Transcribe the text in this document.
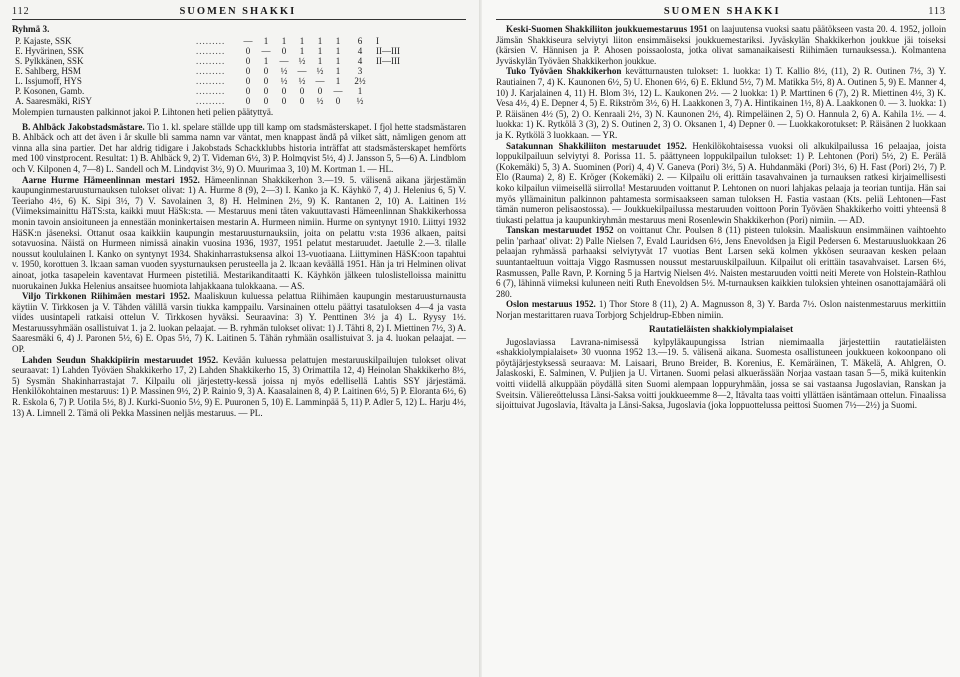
112	SUOMEN SHAKKI
Ryhmä 3.
P. Kajaste, SSK	.........	—	1	1	1	1	1	6	I
E. Hyvärinen, SSK	.........	0	—	0	1	1	1	4	II—III
S. Pylkkänen, SSK	.........	0	1	—	½	1	1	4	II—III
E. Sahlberg, HSM	.........	0	0	½	—	½	1	3	
L. Issjumoff, HYS	.........	0	0	½	½	—	1	2½	
P. Kosonen, Gamb.	.........	0	0	0	0	0	—	1	
A. Saaresmäki, RiSY	.........	0	0	0	0	½	0	½	
Molempien turnausten palkinnot jakoi P. Lihtonen heti pelien päätyttyä.

B. Ahlbäck Jakobstadsmästare. Tio 1. kl. spelare ställde upp till kamp om stadsmästerskapet. I fjol hette stadsmästaren B. Ahlbäck och att det även i år skulle bli samma namn var väntat, men knappast ändå på vilket sätt, nämligen genom att vinna alla sina partier. Det har aldrig tidigare i Jakobstads Schackklubbs historia inträffat att stadsmästerskapet hemförts med 100 vinstprocent. Resultat: 1) B. Ahlbäck 9, 2) T. Videman 6½, 3) P. Holmqvist 5½, 4) J. Jansson 5, 5—6) A. Lindblom och V. Kilponen 4, 7—8) L. Sandell och M. Lindqvist 3½, 9) O. Muurimaa 3, 10) M. Kortman 1. — HL.

Aarne Hurme Hämeenlinnan mestari 1952. Hämeenlinnan Shakkikerhon 3.—19. 5. välisenä aikana järjestämän kaupunginmestaruusturnauksen tulokset olivat: 1) A. Hurme 8 (9), 2—3) I. Kanko ja K. Käyhkö 7, 4) J. Helenius 6, 5) V. Teeriaho 4½, 6) K. Sipi 3½, 7) V. Savolainen 3, 8) H. Helminen 2½, 9) K. Rantanen 2, 10) A. Laitinen 1½ (Viimeksimainittu HäTS:sta, kaikki muut HäSk:sta. — Mestaruus meni täten vakuuttavasti Hämeenlinnan Shakkikerhossa monin tavoin ansioituneen ja ennestään moninkertaisen mestarin A. Hurmeen nimiin. Hurme on syntynyt 1910. Liittyi 1932 HäSK:n jäseneksi. Ottanut osaa kaikkiin kaupungin mestaruusturnauksiin, joita on pelattu v:sta 1936 alkaen, paitsi sotavuosina. Näistä on Hurmeen nimissä ainakin vuosina 1936, 1937, 1951 pelatut mestaruudet. Jaetulle 2.—3. tilalle noussut koululainen I. Kanko on syntynyt 1934. Shakinharrastuksensa alkoi 13-vuotiaana. Liittyminen HäSK:oon tapahtui v. 1950, korottuen 3. lk:aan saman vuoden syysturnauksen perusteella ja 2. lk:aan keväällä 1951. Hän ja tri Helminen olivat ainoat, jotka tasapelein kaventavat Hurmeen pistetiliä. Mestarikanditaatti K. Käyhkön jälkeen tuloslistelloissa mainittu nuorukainen Jukka Helenius ansaitsee huomiota lahjakkaana tulokkaana. — AS.

Viljo Tirkkonen Riihimäen mestari 1952. Maaliskuun kuluessa pelattua Riihimäen kaupungin mestaruusturnausta käytiin V. Tirkkosen ja V. Tähden välillä varsin tiukka kamppailu. Varsinainen ottelu päättyi tasatuloksen 4—4 ja vasta viides uusintapeli ratkaisi ottelun V. Tirkkosen hyväksi. Seuraavina: 3) Y. Penttinen 3½ ja 4) L. Ryysy 1½. Mestaruussyhmään osallistuivat 1. ja 2. luokan pelaajat. — B. ryhmän tulokset olivat: 1) J. Tähti 8, 2) I. Miettinen 7½, 3) A. Saaresmäki 6, 4) J. Paronen 5½, 6) E. Opas 5½, 7) K. Laitinen 5. Tähän ryhmään osallistuivat 3. ja 4. luokan pelaajat. — OP.

Lahden Seudun Shakkipiirin mestaruudet 1952. Kevään kuluessa pelattujen mestaruuskilpailujen tulokset olivat seuraavat: 1) Lahden Työväen Shakkikerho 17, 2) Lahden Shakkikerho 15, 3) Orimattila 12, 4) Heinolan Shakkikerho 8½, 5) Sysmän Shakinharrastajat 7. Kilpailu oli järjestetty-kessä joissa nj myös edellisellä Lahtis SSY järjestämä. Henkilökohtainen mestaruus: 1) P. Massinen 9½, 2) P. Rainio 9, 3) A. Kaasalainen 8, 4) P. Laitinen 6½, 5) P. Eloranta 6½, 6) R. Eskola 6, 7) P. Uotila 5½, 8) J. Kurki-Suonio 5½, 9) E. Puuronen 5, 10) E. Lamminpää 5, 11) P. Adler 5, 12) L. Harju 4½, 13) A. Limnell 2. Tämä oli Pekka Massinen neljäs mestaruus. — PL.

SUOMEN SHAKKI	113

Keski-Suomen Shakkiliiton joukkuemestaruus 1951 on laajuutensa vuoksi saatu päätökseen vasta 20. 4. 1952, jolloin Jämsän Shakkiseura selviytyi liiton ensimmäiseksi joukkuemestariksi. Jyväskylän Shakkikerhon joukkue jäi toiseksi (kärsien V. Hännisen ja P. Ahosen poissaolosta, jotka olivat samanaikaisesti Riihimäen turnauksessa.). Kolmantena Jyväskylän Työväen Shakkikerhon joukkue.

Tuko Työväen Shakkikerhon kevätturnausten tulokset: 1. luokka: 1) T. Kallio 8½, (11), 2) R. Outinen 7½, 3) Y. Rautiainen 7, 4) K. Kaunonen 6½, 5) U. Ehonen 6½, 6) E. Eklund 5½, 7) M. Matikka 5½, 8) A. Outinen 5, 9) E. Manner 4, 10) J. Karjalainen 4, 11) H. Blom 3½, 12) L. Kaukonen 2½. — 2 luokka: 1) P. Marttinen 6 (7), 2) R. Miettinen 4½, 3) K. Vesa 4½, 4) E. Depner 4, 5) E. Rikström 3½, 6) H. Laakkonen 3, 7) A. Hintikainen 1½, 8) A. Laakkonen 0. — 3. luokka: 1) P. Räisänen 4½ (5), 2) O. Kenraali 2½, 3) N. Kaunonen 2½, 4). Rimpeläinen 2, 5) O. Hannula 2, 6) A. Kahila 1½. — 4. luokka: 1) K. Rytkölä 3 (3), 2) S. Outinen 2, 3) O. Oksanen 1, 4) Depner 0. — Luokkakorotukset: P. Räisänen 2 luokkaan ja K. Rytkölä 3 luokkaan. — YR.

Satakunnan Shakkiliiton mestaruudet 1952. Henkilökohtaisessa vuoksi oli alkukilpailussa 16 pelaajaa, joista loppukilpailuun selviytyi 8. Porissa 11. 5. päättyneen loppukilpailun tulokset: 1) P. Lehtonen (Pori) 5½, 2) E. Perälä (Kokemäki) 5, 3) A. Suominen (Pori) 4, 4) V. Ganeva (Pori) 3½, 5) A. Huhdanmäki (Pori) 3½, 6) H. Fast (Pori) 2½, 7) P. Elo (Rauma) 2, 8) E. Kröger (Kokemäki) 2. — Kilpailu oli erittäin tasavahvainen ja turnauksen ratkesi kirjaimellisesti koko kilpailun viimeisellä siirrolla! Mestaruuden voittanut P. Lehtonen on nuori lahjakas pelaaja ja teorian tuntija. Hän sai myös yllämainitun palkinnon pahtamesta sormisaakseen saman tuloksen H. Fastia vastaan (Kts. peliä Lehtonen—Fast tämän numeron pelisaostossa). — Joukkuekilpailussa mestaruuden voittoon Porin Työväen Shakkikerho voitti yhteensä 8 tiukasti pelattua ja kaupunkiryhmän mestaruus meni Rosenlewin Shakkikerhon (Pori) nimiin. — AD.

Tanskan mestaruudet 1952 on voittanut Chr. Poulsen 8 (11) pisteen tuloksin. Maaliskuun ensimmäinen vaihtoehto pelin 'parhaat' olivat: 2) Palle Nielsen 7, Evald Lauridsen 6½, Jens Enevoldsen ja Eigil Pedersen 6. Mestaruusluokkaan 26 pelaajan ryhmässä parhaaksi selviytyvät 17 vuotias Bent Larsen sekä kolmen ykkösen seuraavan kesken pelaan suuntantaeltuun voittaja Viggo Rasmussen noussut mestaruuskilpailuun. Kilpailut oli erittäin tasavahvaiset. Larsen 6½, Rasmussen, Palle Ravn, P. Korning 5 ja Hartvig Nielsen 4½. Naisten mestaruuden voitti neiti Merete von Holstein-Rathlou 6 (7), lähinnä viimeksi kuluneen neiti Ruth Enevoldsen 5½. M-turnauksen kaikkien tuloksien yhteinen osanottajamäärä oli 280.

Oslon mestaruus 1952. 1) Thor Store 8 (11), 2) A. Magnusson 8, 3) Y. Barda 7½. Oslon naistenmestaruus merkittiin Norjan mestarittaren ruava Torbjorg Schjeldrup-Ebben nimiin.

Rautatieläisten shakkiolympialaiset

Jugoslaviassa Lavrana-nimisessä kylpyläkaupungissa Istrian niemimaalla järjestettiin rautatieläisten «shakkiolympialaiset» 30 vuonna 1952 13.—19. 5. välisenä aikana. Suomesta osallistuneen joukkueen kokoonpano oli pöytäjärjestyksessä seuraava: M. Laisaari, Bruno Breider, B. Korenius, E. Kemäräinen, T. Mäkelä, A. Ahlgren, O. Jalaskoski, E. Salminen, V. Puljien ja U. Virtanen. Suomi pelasi alkuerässään Norjaa vastaan tasan 5—5, mikä kuitenkin voitti viidellä alkuppään pöydällä siten Suomi alempaan loppuryhmään, jossa se sai vastaansa Jugoslavian, Ranskan ja Sveitsin. Väliereöttelussa Länsi-Saksa voitti joukkueemme 8—2, Itävalta taas voitti yllättäen isäntämaan ottelun. Finaalissa sijoittuivat Jugoslavia, Itävalta ja Länsi-Saksa, Jugoslavia (joka loppuottelussa peittosi Suomen 7½—2½) ja Suomi.
